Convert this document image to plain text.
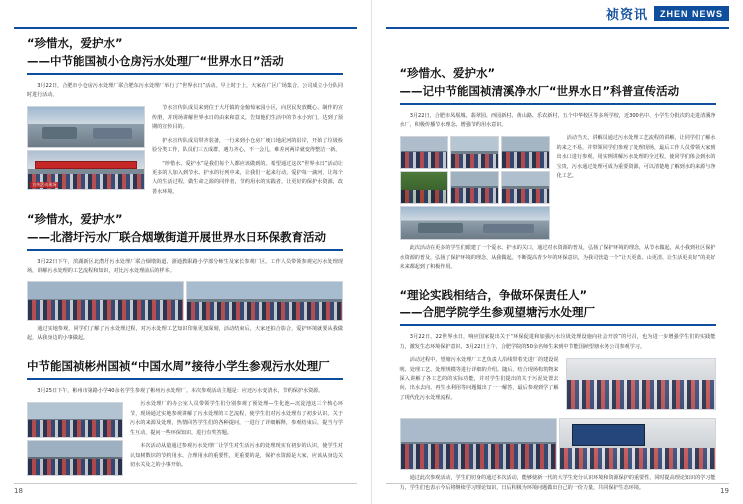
“珍惜水，爱护水”
——中节能国祯小仓房污水处理厂“世界水日”活动

3月22日，合肥市小仓房污水处理厂联合肥东污水处理厂举行了“世界水日”活动。早上时于上，大家在广区广场集合，公司成立小分队同时进行活动。

宣传活动现场

节水宣传队成员来到位于大圩镇的金葡萄家园小区，向居民发放概心、制作的宣传册，并现场讲解世界水日的由来和意义，告知他们生活中的节水小窍门，达到了预期的宣传目的。

护水宣传队成员带齐装备，一行来到小仓房厂埂口地泥河的沿岸，开始了垃圾检验分类工作，队员们三五成群，遇力齐心，不一会儿，难差河两岸就变得整洁一新。

“珍惜水、爱护水”是我们每个人都应该做到的。希望通过这次“世界水日”活动让更多的人加入到节水、护水的行列中来，让我们一起来行动，爱护每一滴河，让每个人的生活过程，做生命之源的同伴者，节约用水的实践者，让更好的保护水资源，改善水环境。

“珍惜水，爱护水”
——北潜圩污水厂联合烟墩街道开展世界水日环保教育活动

3月22日下午，滨湖新区北潜圩污水处理厂联合烟墩街道、浙通教职路小学部分师生及家长参观厂区。工作人员带领参观完污水处理现场，讲解污水处理的工艺流程和知识，对比污水处理前后的样本。

通过实地参观，同学们了解了污水处理过程，对污水处理工艺知识印象更加深刻，活动结束后，大家还拍合影合，爱护环境就要从我做起，从我身边的小事做起。

中节能国祯彬州国祯“中国水周”接待小学生参观污水处理厂

3月25日下午，彬州市第路小学40余名学生参观了彬州污水处理厂。本次参观活动主题是：应还污水变清水，节约保护水资源。

污水处理厂的办公室人员带领学生们分别参观了预处理—生化池—沉淀池这三个核心环节，现场通过实地参观讲解了污水处理的工艺流程，使学生们对污水处理有了初步认识。关于污水的来源及处理，热情回答学生们的各种提问，一进行了详细解释，参观结束后，提当与学生互动，提问一些环保知识，进行有奖答题。

本次活动从量通过参观污水处理厂让学生对生活污水的处理现实有初步的认识，使学生对认知树数识的节约用水、合理用水的重要性，更重要的是，保护水资源是大家，应该从身边关切水关及之的小事开始。

18
祯资讯	ZHEN NEWS
“珍惜水、爱护水”
——记中节能国祯清溪净水厂“世界水日”科普宣传活动

3月22日，合肥市凤凰城、翡翠园、西园新村、黄山路、乐农新村，五个中华校区等多所学校，近300名中、小学生分批次的走进清溪净水厂，积极传播节水理念、增强节约用水意识。

活动当天，讲解员通过污水处理工艺流程的讲解，让同学们了解水的来之不易，并带领同学们参观了处理现场，最后工作人员带领大家到出水口进行参观，用实例讲解污水处理的全过程，使同学们体会到水的宝贵，污水通过处理可成为重要资源，可以清楚地了解到水的来源与净化工艺。

此次活动在更多的学生们眼建了一个爱水、护水的关口，通过对水资源的普及，弘扬了保护环境的理念，从节水做起，从小我到社区保护水资源的普及，弘扬了保护环境的理念，从我做起。不断提高青少年的环保意识，为我司营造一个“让天更蓝、山更清、让生活更美好”的美好未来都起到了积极作用。

“理论实践相结合，争做环保责任人”
——合肥学院学生参观望塘污水处理厂

3月22日，22世界水日，响应国家提出关于“环保促进和加强污水垃圾处理设施向社会开放”的号召，也为进一步增强学生们的实践能力，激发生态环境保护意识，3月22日上午，合肥学院的50余名师生来到中节能国祯望塘水务公司参观学习。

活动过程中，望塘污水处理厂工艺负责人沿线带着先进厂的建设说明、处理工艺、处理规模等进行详细的介绍。随后，结合现场构筑物来深入讲解了各工艺的的实际功能，并对学生们提出的关于污泥处置去向、出水去向、再生水利用等问题做出了一一解答，最后参观到学了解了现代化污水处理流程。

通过此次参观活动，学生们切身的通过本次活动，能够使新一代的大学生充分认识环境和资源保护的重要性，同时提高理论知识的学习能力，学生们也表示今后将继续学习理论知识，日后积极为环境问题做出自己的一份力量，共同保护生态环境。	19
